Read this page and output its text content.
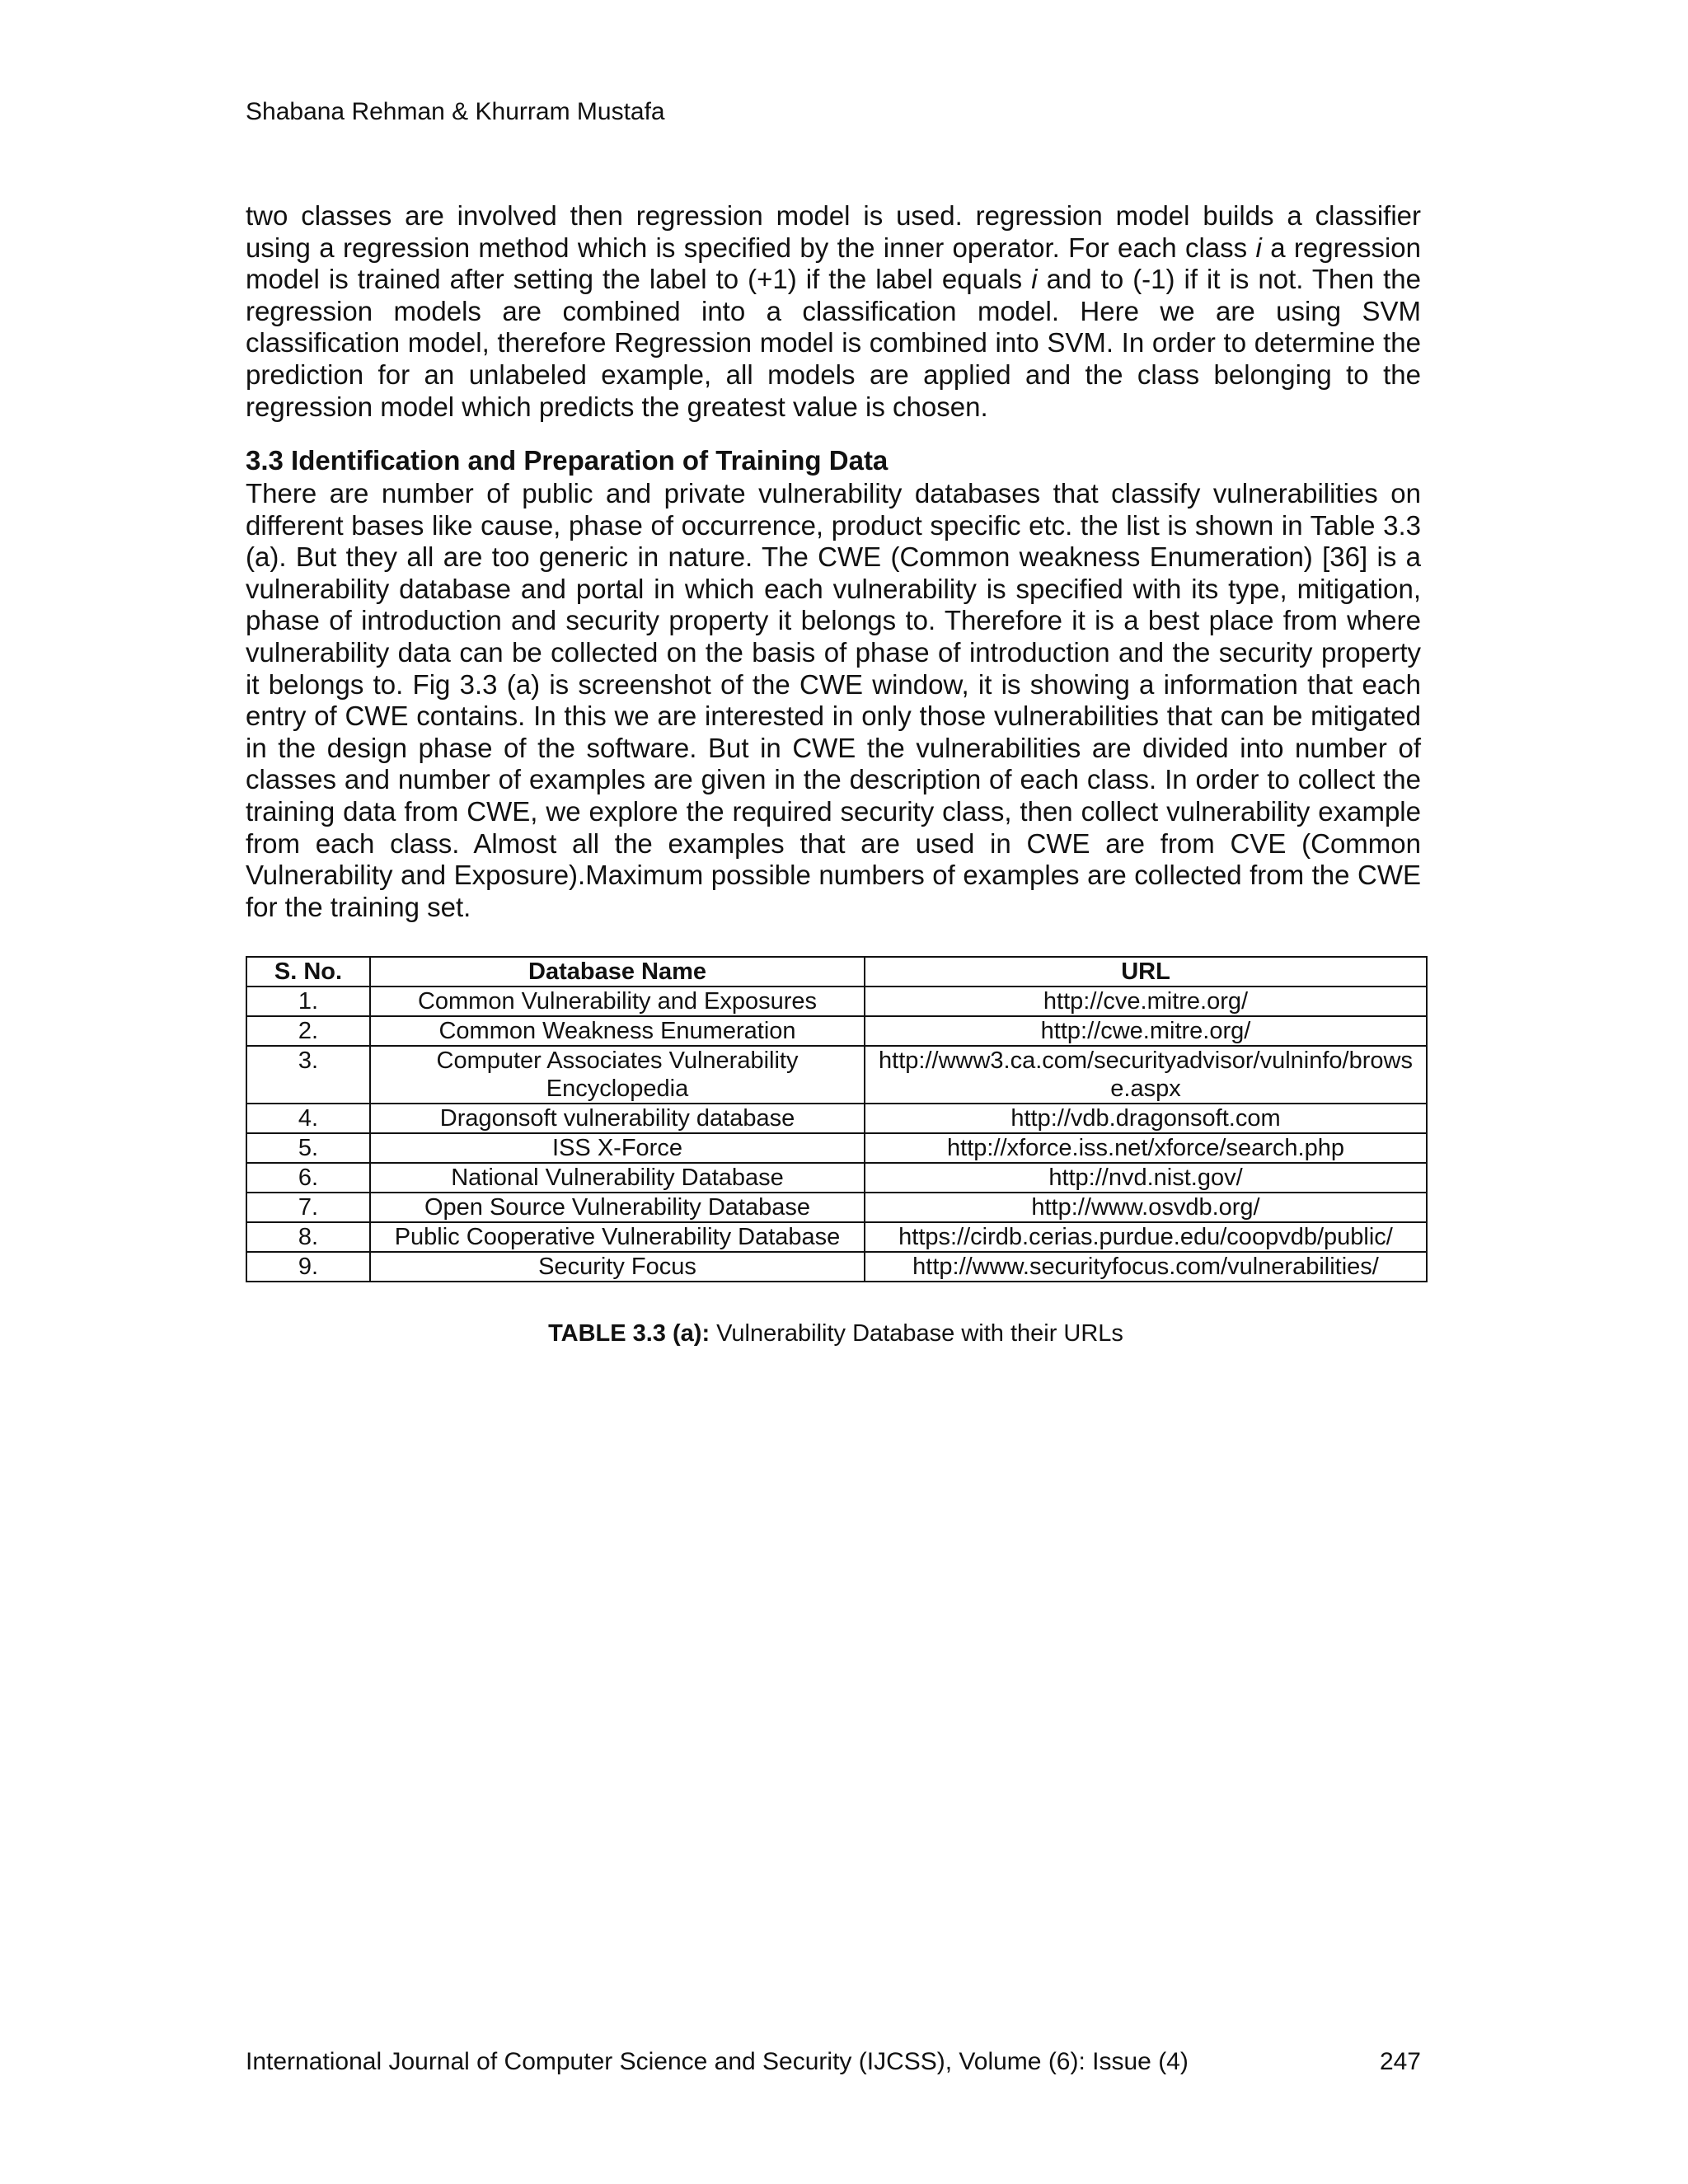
Shabana Rehman & Khurram Mustafa

two classes are involved then regression model is used. regression model builds a classifier using a regression method which is specified by the inner operator. For each class i a regression model is trained after setting the label to (+1) if the label equals i and to (-1) if it is not. Then the regression models are combined into a classification model. Here we are using SVM classification model, therefore Regression model is combined into SVM. In order to determine the prediction for an unlabeled example, all models are applied and the class belonging to the regression model which predicts the greatest value is chosen.

3.3 Identification and Preparation of Training Data

There are number of public and private vulnerability databases that classify vulnerabilities on different bases like cause, phase of occurrence, product specific etc. the list is shown in Table 3.3 (a). But they all are too generic in nature. The CWE (Common weakness Enumeration) [36] is a vulnerability database and portal in which each vulnerability is specified with its type, mitigation, phase of introduction and security property it belongs to. Therefore it is a best place from where vulnerability data can be collected on the basis of phase of introduction and the security property it belongs to. Fig 3.3 (a) is screenshot of the CWE window, it is showing a information that each entry of CWE contains. In this we are interested in only those vulnerabilities that can be mitigated in the design phase of the software. But in CWE the vulnerabilities are divided into number of classes and number of examples are given in the description of each class. In order to collect the training data from CWE, we explore the required security class, then collect vulnerability example from each class. Almost all the examples that are used in CWE are from CVE (Common Vulnerability and Exposure).Maximum possible numbers of examples are collected from the CWE for the training set.

S. No.	Database Name	URL
1.	Common Vulnerability and Exposures	http://cve.mitre.org/
2.	Common Weakness Enumeration	http://cwe.mitre.org/
3.	Computer Associates Vulnerability Encyclopedia	http://www3.ca.com/securityadvisor/vulninfo/browse.aspx
4.	Dragonsoft vulnerability database	http://vdb.dragonsoft.com
5.	ISS X-Force	http://xforce.iss.net/xforce/search.php
6.	National Vulnerability Database	http://nvd.nist.gov/
7.	Open Source Vulnerability Database	http://www.osvdb.org/
8.	Public Cooperative Vulnerability Database	https://cirdb.cerias.purdue.edu/coopvdb/public/
9.	Security Focus	http://www.securityfocus.com/vulnerabilities/
TABLE 3.3 (a): Vulnerability Database with their URLs
International Journal of Computer Science and Security (IJCSS), Volume (6): Issue (4)	247
